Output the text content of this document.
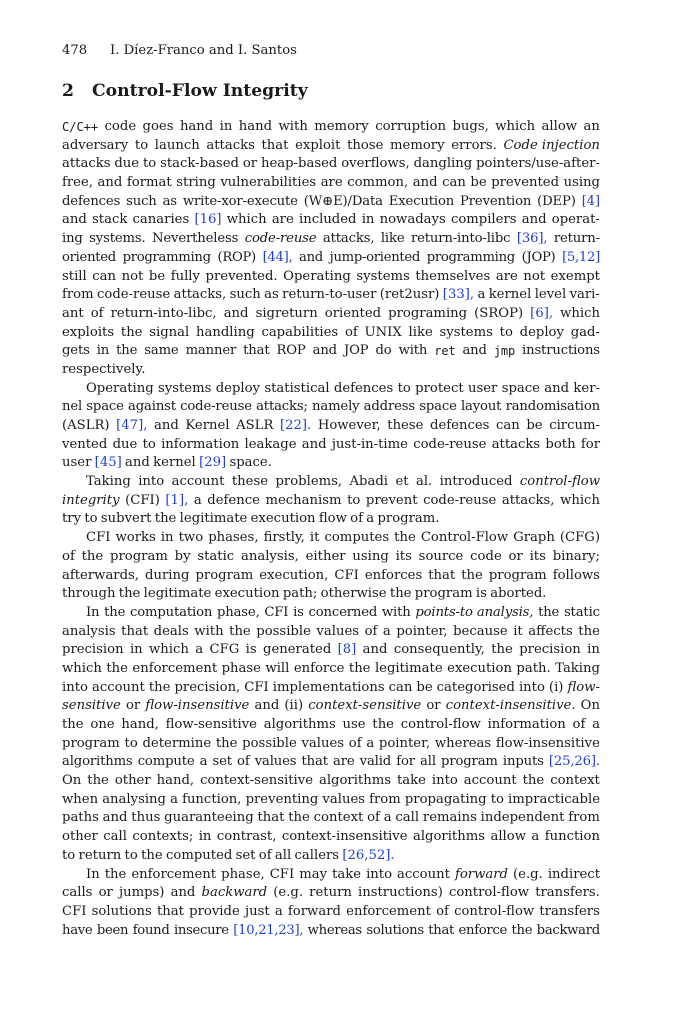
478 I. Díez-Franco and I. Santos
2 Control-Flow Integrity
C/C++ code goes hand in hand with memory corruption bugs, which allow an
adversary to launch attacks that exploit those memory errors. Code injection
attacks due to stack-based or heap-based overflows, dangling pointers/use-after-
free, and format string vulnerabilities are common, and can be prevented using
defences such as write-xor-execute (W⊕E)/Data Execution Prevention (DEP) [4]
and stack canaries [16] which are included in nowadays compilers and operat-
ing systems. Nevertheless code-reuse attacks, like return-into-libc [36], return-
oriented programming (ROP) [44], and jump-oriented programming (JOP) [5,12]
still can not be fully prevented. Operating systems themselves are not exempt
from code-reuse attacks, such as return-to-user (ret2usr) [33], a kernel level vari-
ant of return-into-libc, and sigreturn oriented programing (SROP) [6], which
exploits the signal handling capabilities of UNIX like systems to deploy gad-
gets in the same manner that ROP and JOP do with ret and jmp instructions
respectively.
Operating systems deploy statistical defences to protect user space and ker-
nel space against code-reuse attacks; namely address space layout randomisation
(ASLR) [47], and Kernel ASLR [22]. However, these defences can be circum-
vented due to information leakage and just-in-time code-reuse attacks both for
user [45] and kernel [29] space.
Taking into account these problems, Abadi et al. introduced control-flow
integrity (CFI) [1], a defence mechanism to prevent code-reuse attacks, which
try to subvert the legitimate execution flow of a program.
CFI works in two phases, firstly, it computes the Control-Flow Graph (CFG)
of the program by static analysis, either using its source code or its binary;
afterwards, during program execution, CFI enforces that the program follows
through the legitimate execution path; otherwise the program is aborted.
In the computation phase, CFI is concerned with points-to analysis, the static
analysis that deals with the possible values of a pointer, because it affects the
precision in which a CFG is generated [8] and consequently, the precision in
which the enforcement phase will enforce the legitimate execution path. Taking
into account the precision, CFI implementations can be categorised into (i) flow-
sensitive or flow-insensitive and (ii) context-sensitive or context-insensitive. On
the one hand, flow-sensitive algorithms use the control-flow information of a
program to determine the possible values of a pointer, whereas flow-insensitive
algorithms compute a set of values that are valid for all program inputs [25,26].
On the other hand, context-sensitive algorithms take into account the context
when analysing a function, preventing values from propagating to impracticable
paths and thus guaranteeing that the context of a call remains independent from
other call contexts; in contrast, context-insensitive algorithms allow a function
to return to the computed set of all callers [26,52].
In the enforcement phase, CFI may take into account forward (e.g. indirect
calls or jumps) and backward (e.g. return instructions) control-flow transfers.
CFI solutions that provide just a forward enforcement of control-flow transfers
have been found insecure [10,21,23], whereas solutions that enforce the backward
